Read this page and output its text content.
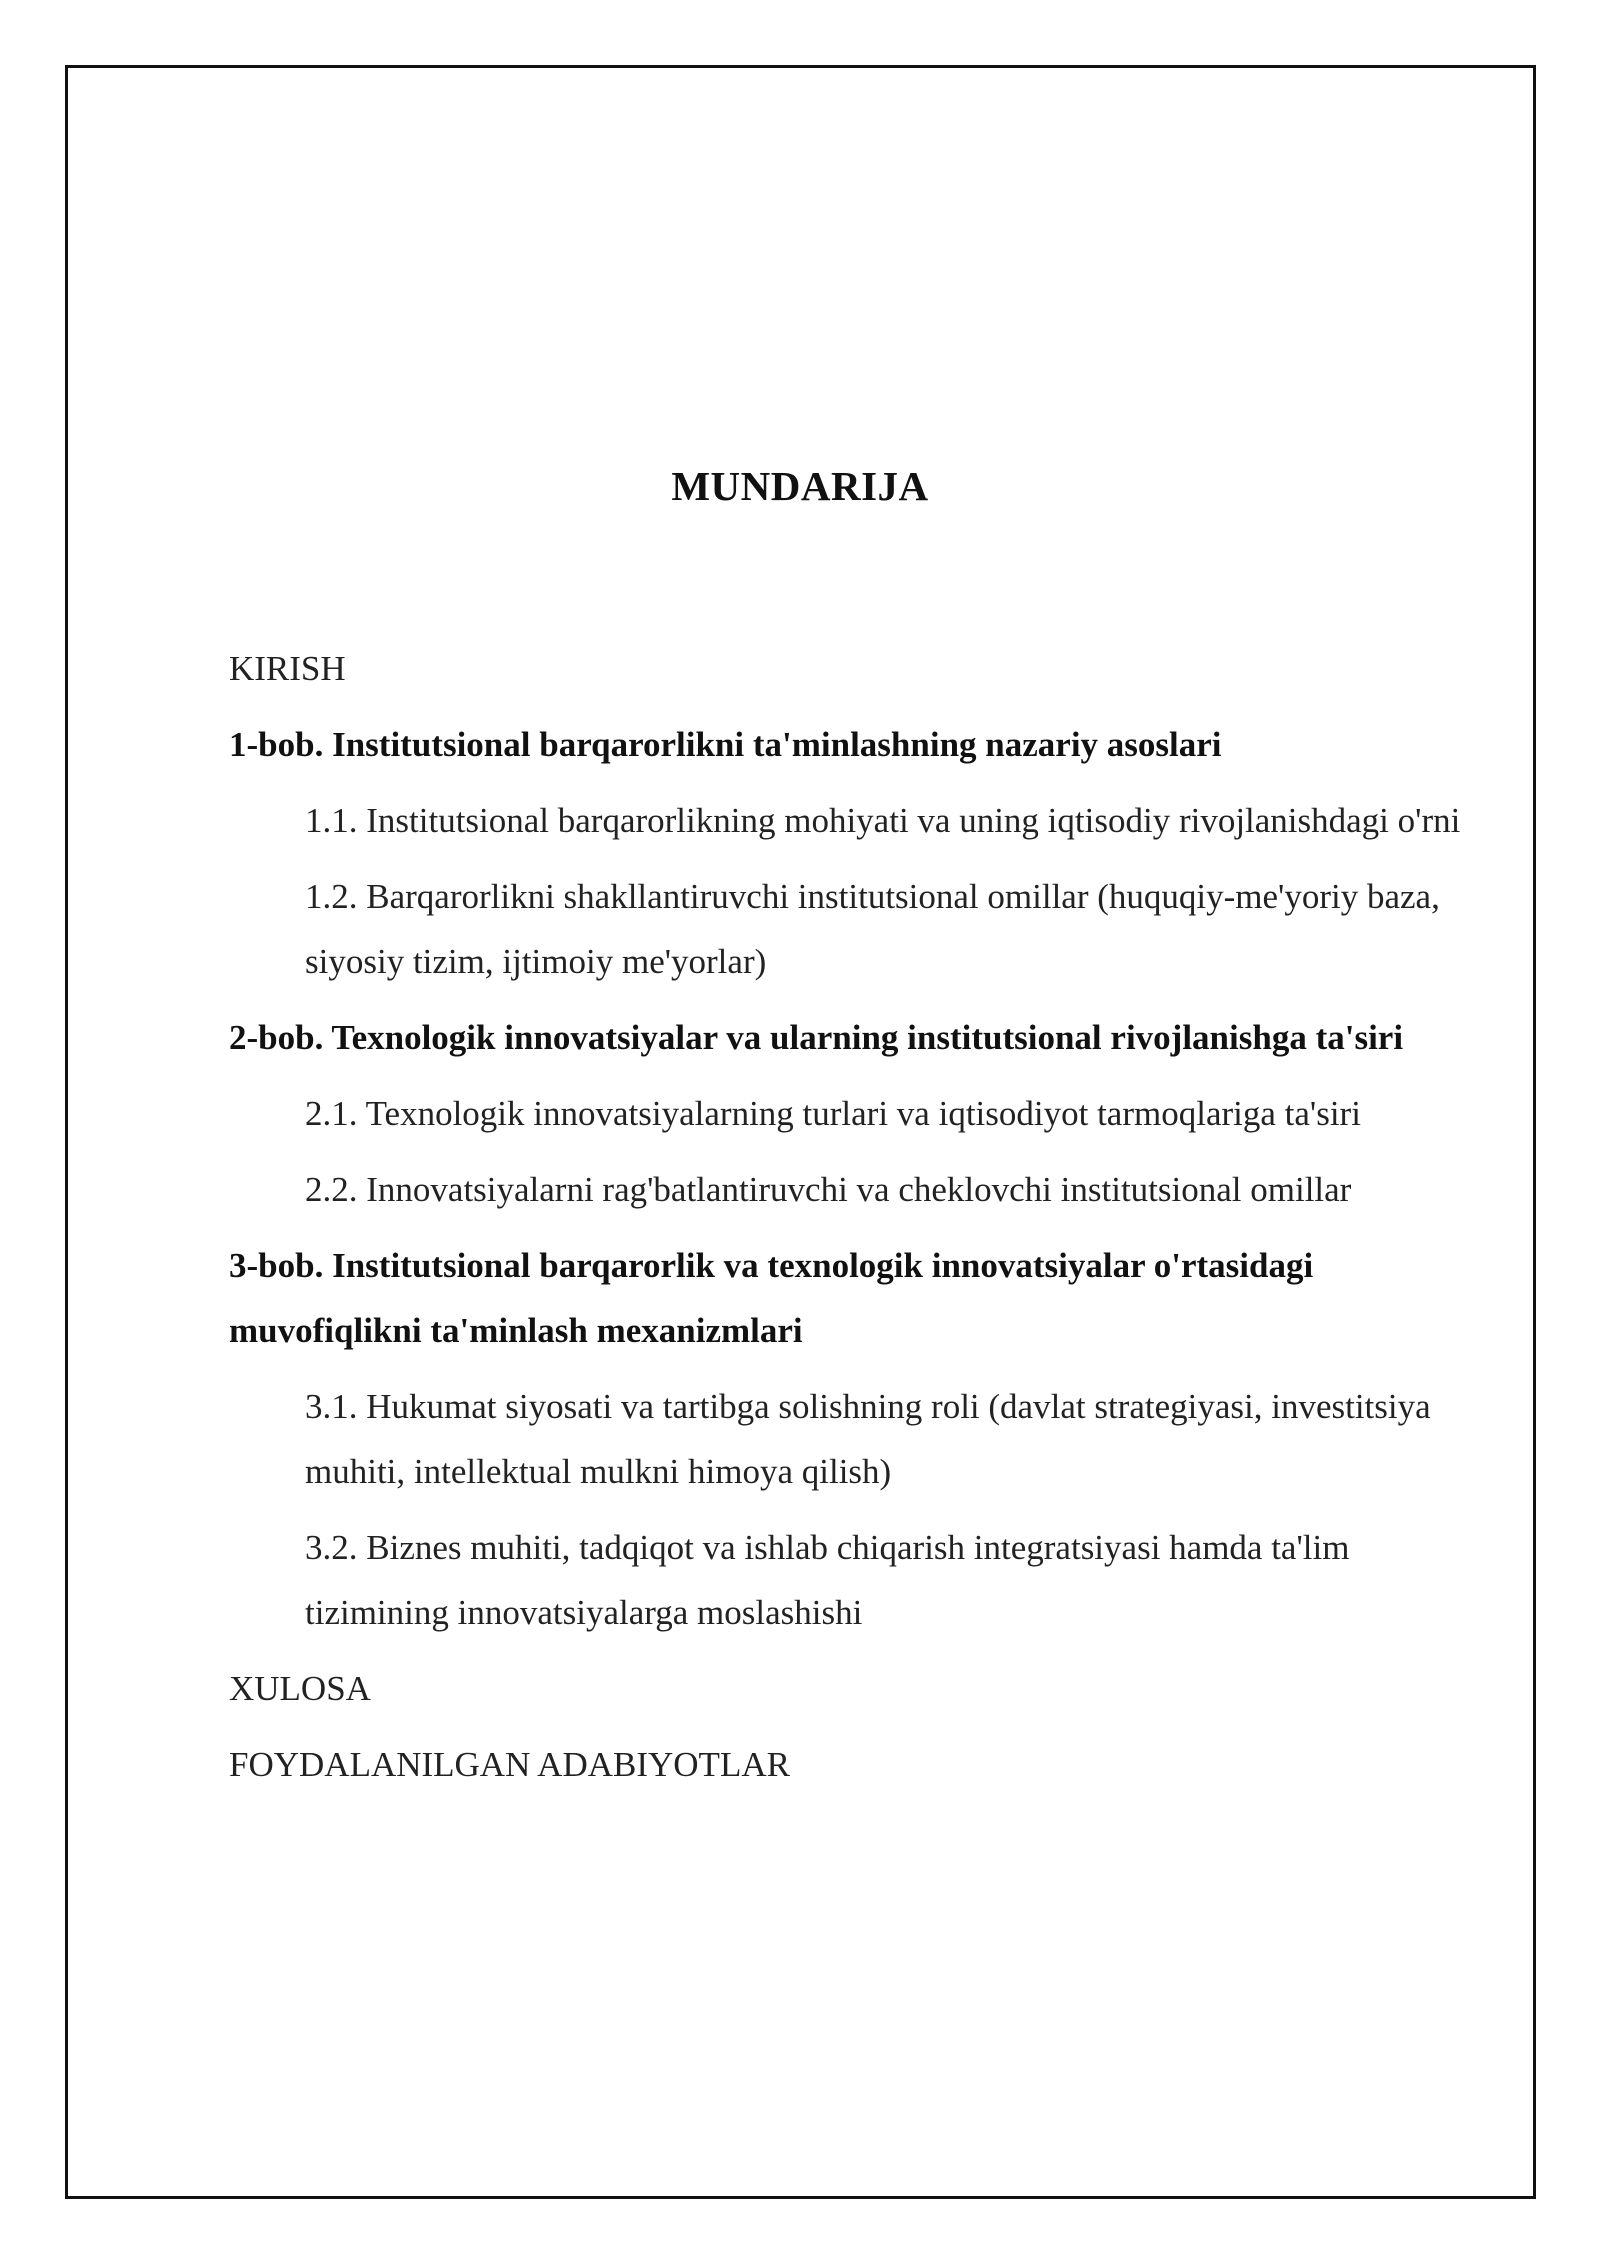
MUNDARIJA
KIRISH
1-bob. Institutsional barqarorlikni ta'minlashning nazariy asoslari
1.1. Institutsional barqarorlikning mohiyati va uning iqtisodiy rivojlanishdagi o'rni
1.2. Barqarorlikni shakllantiruvchi institutsional omillar (huquqiy-me'yoriy baza, siyosiy tizim, ijtimoiy me'yorlar)
2-bob. Texnologik innovatsiyalar va ularning institutsional rivojlanishga ta'siri
2.1. Texnologik innovatsiyalarning turlari va iqtisodiyot tarmoqlariga ta'siri
2.2. Innovatsiyalarni rag'batlantiruvchi va cheklovchi institutsional omillar
3-bob. Institutsional barqarorlik va texnologik innovatsiyalar o'rtasidagi muvofiqlikni ta'minlash mexanizmlari
3.1. Hukumat siyosati va tartibga solishning roli (davlat strategiyasi, investitsiya muhiti, intellektual mulkni himoya qilish)
3.2. Biznes muhiti, tadqiqot va ishlab chiqarish integratsiyasi hamda ta'lim tizimining innovatsiyalarga moslashishi
XULOSA
FOYDALANILGAN ADABIYOTLAR
